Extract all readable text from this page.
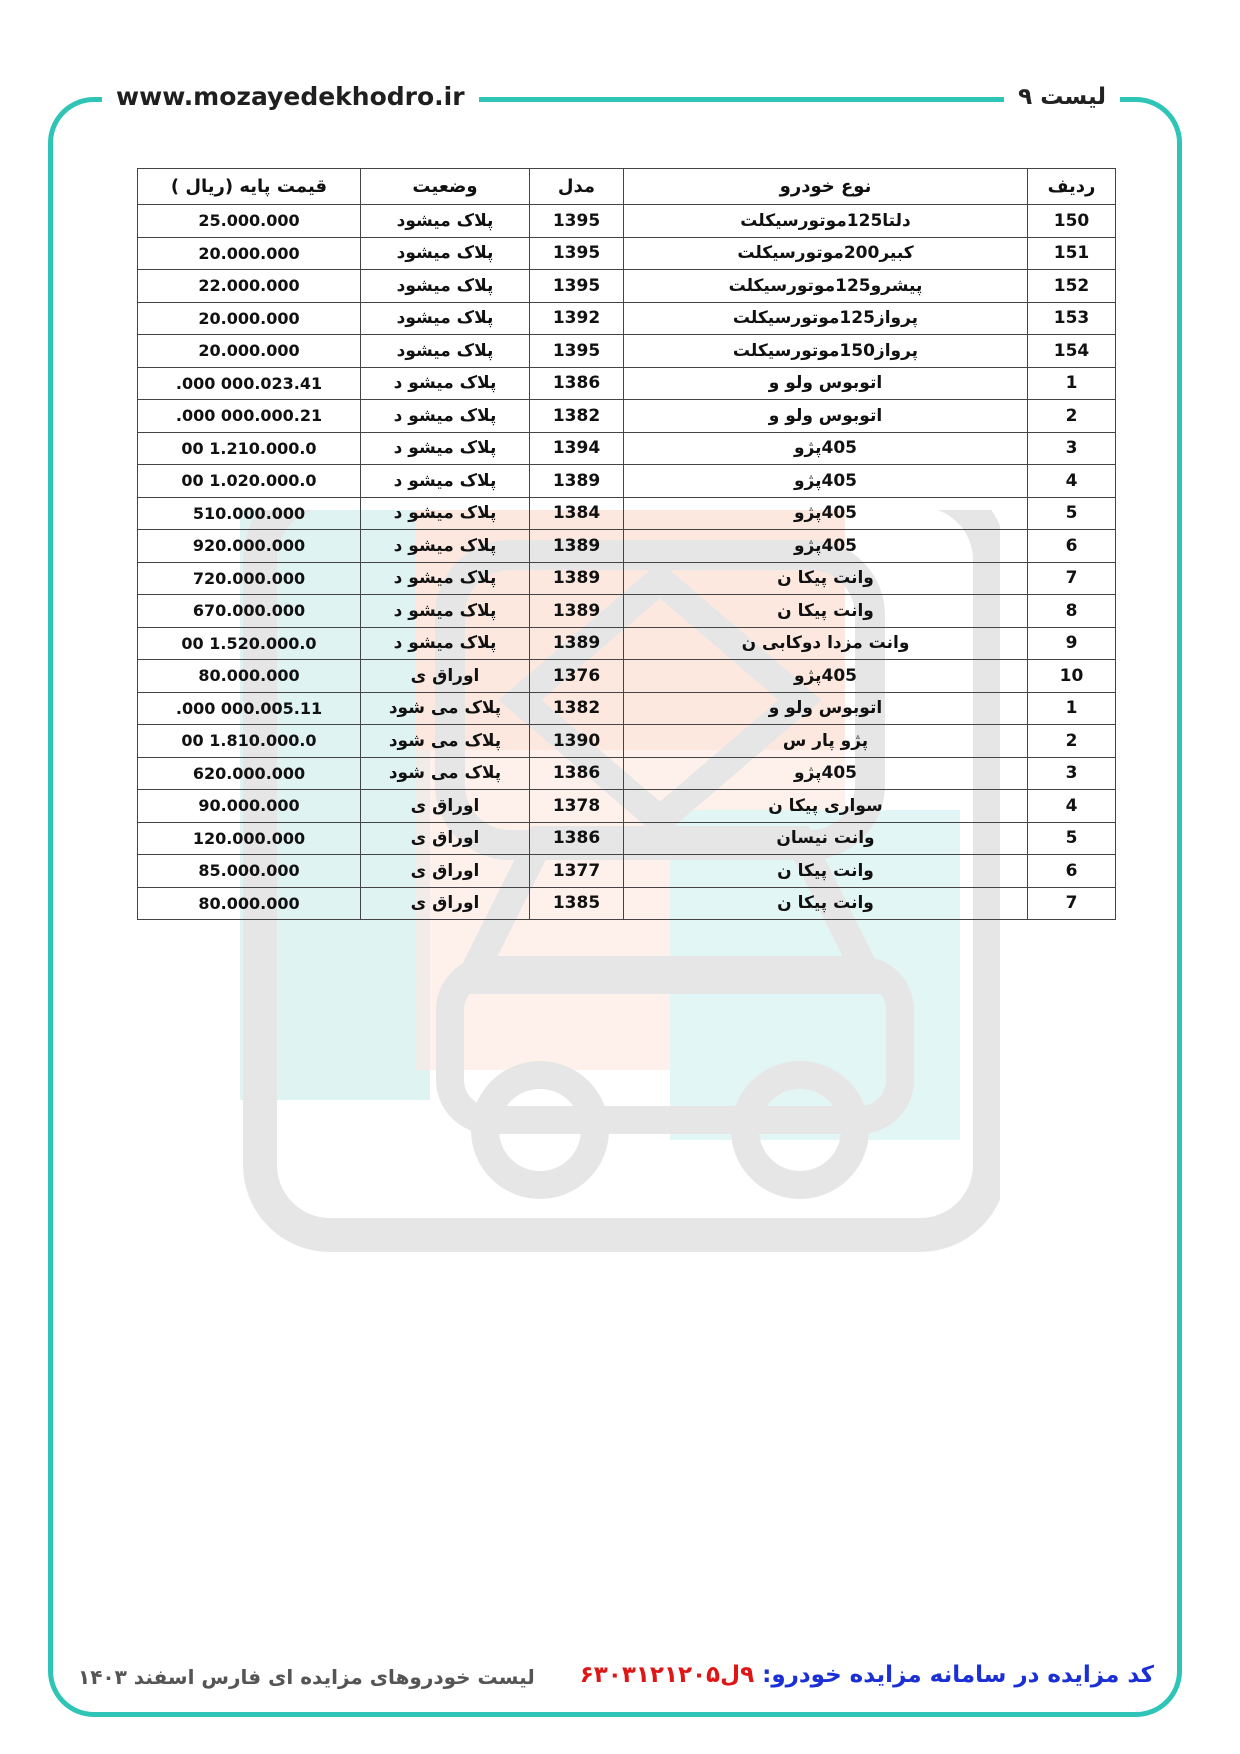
www.mozayedekhodro.ir	لیست ۹
ردیف	نوع خودرو	مدل	وضعیت	قیمت پایه (ریال )
150	دلتا125موتورسیکلت	1395	پلاک میشود	25.000.000
151	کبیر200موتورسیکلت	1395	پلاک میشود	20.000.000
152	پیشرو125موتورسیکلت	1395	پلاک میشود	22.000.000
153	پرواز125موتورسیکلت	1392	پلاک میشود	20.000.000
154	پرواز150موتورسیکلت	1395	پلاک میشود	20.000.000
1	اتوبوس ولو و	1386	پلاک میشو د	000.023.41 000.
2	اتوبوس ولو و	1382	پلاک میشو د	000.000.21 000.
3	405پژو	1394	پلاک میشو د	1.210.000.0 00
4	405پژو	1389	پلاک میشو د	1.020.000.0 00
5	405پژو	1384	پلاک میشو د	510.000.000
6	405پژو	1389	پلاک میشو د	920.000.000
7	وانت پیکا ن	1389	پلاک میشو د	720.000.000
8	وانت پیکا ن	1389	پلاک میشو د	670.000.000
9	وانت مزدا دوکابی ن	1389	پلاک میشو د	1.520.000.0 00
10	405پژو	1376	اوراق ی	80.000.000
1	اتوبوس ولو و	1382	پلاک می شود	000.005.11 000.
2	پژو پار س	1390	پلاک می شود	1.810.000.0 00
3	405پژو	1386	پلاک می شود	620.000.000
4	سواری پیکا ن	1378	اوراق ی	90.000.000
5	وانت نیسان	1386	اوراق ی	120.000.000
6	وانت پیکا ن	1377	اوراق ی	85.000.000
7	وانت پیکا ن	1385	اوراق ی	80.000.000
لیست خودروهای مزایده ای فارس اسفند ۱۴۰۳	کد مزایده در سامانه مزایده خودرو: ۹ل۶۳۰۳۱۲۱۲۰۵
